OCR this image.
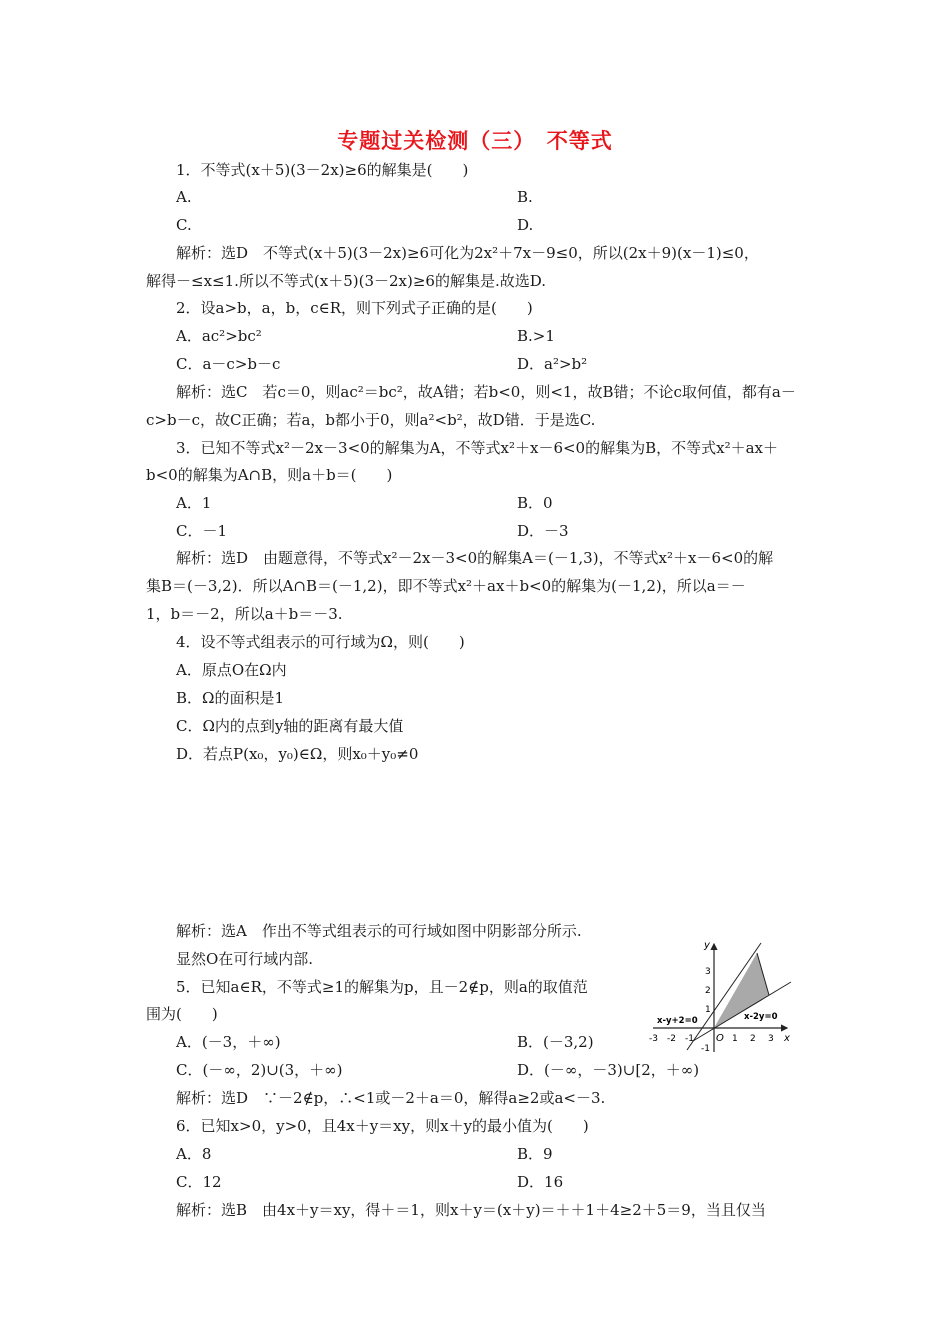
专题过关检测（三）　不等式
1．不等式(x＋5)(3－2x)≥6的解集是(　　)
A.	B.
C.	D.
解析：选D　不等式(x＋5)(3－2x)≥6可化为2x²＋7x－9≤0，所以(2x＋9)(x－1)≤0，
解得－≤x≤1.所以不等式(x＋5)(3－2x)≥6的解集是.故选D.
2．设a>b，a，b，c∈R，则下列式子正确的是(　　)
A．ac²>bc²	B.>1
C．a－c>b－c	D．a²>b²
解析：选C　若c＝0，则ac²＝bc²，故A错；若b<0，则<1，故B错；不论c取何值，都有a－
c>b－c，故C正确；若a，b都小于0，则a²<b²，故D错．于是选C.
3．已知不等式x²－2x－3<0的解集为A，不等式x²＋x－6<0的解集为B，不等式x²＋ax＋
b<0的解集为A∩B，则a＋b＝(　　)
A．1	B．0
C．－1	D．－3
解析：选D　由题意得，不等式x²－2x－3<0的解集A＝(－1,3)，不等式x²＋x－6<0的解
集B＝(－3,2)．所以A∩B＝(－1,2)，即不等式x²＋ax＋b<0的解集为(－1,2)，所以a＝－
1，b＝－2，所以a＋b＝－3.
4．设不等式组表示的可行域为Ω，则(　　)
A．原点O在Ω内
B．Ω的面积是1
C．Ω内的点到y轴的距离有最大值
D．若点P(x₀，y₀)∈Ω，则x₀＋y₀≠0
解析：选A　作出不等式组表示的可行域如图中阴影部分所示.
显然O在可行域内部.
5．已知a∈R，不等式≥1的解集为p，且－2∉p，则a的取值范
围为(　　)
A．(－3，＋∞)	B．(－3,2)
C．(－∞，2)∪(3，＋∞)	D．(－∞，－3)∪[2，＋∞)
解析：选D　∵－2∉p，∴<1或－2＋a＝0，解得a≥2或a<－3.
6．已知x>0，y>0，且4x＋y＝xy，则x＋y的最小值为(　　)
A．8	B．9
C．12	D．16
解析：选B　由4x＋y＝xy，得＋＝1，则x＋y＝(x＋y)＝＋＋1＋4≥2＋5＝9，当且仅当
y
x
O
3
2
1
-1
-3 -2 -1	1 2 3
x-y+2=0	x-2y=0
